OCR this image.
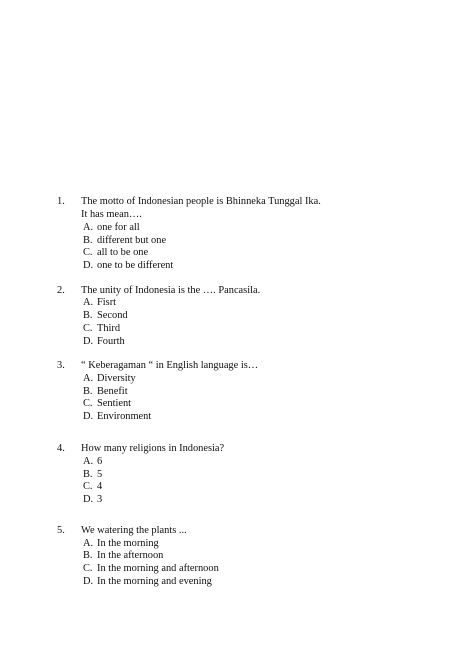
1. The motto of Indonesian people is Bhinneka Tunggal Ika.
It has mean….
A. one for all
B. different but one
C. all to be one
D. one to be different
2. The unity of Indonesia is the …. Pancasila.
A. Fisrt
B. Second
C. Third
D. Fourth
3. “ Keberagaman “ in English language is…
A. Diversity
B. Benefit
C. Sentient
D. Environment
4. How many religions in Indonesia?
A. 6
B. 5
C. 4
D. 3
5. We watering the plants ...
A. In the morning
B. In the afternoon
C. In the morning and afternoon
D. In the morning and evening
